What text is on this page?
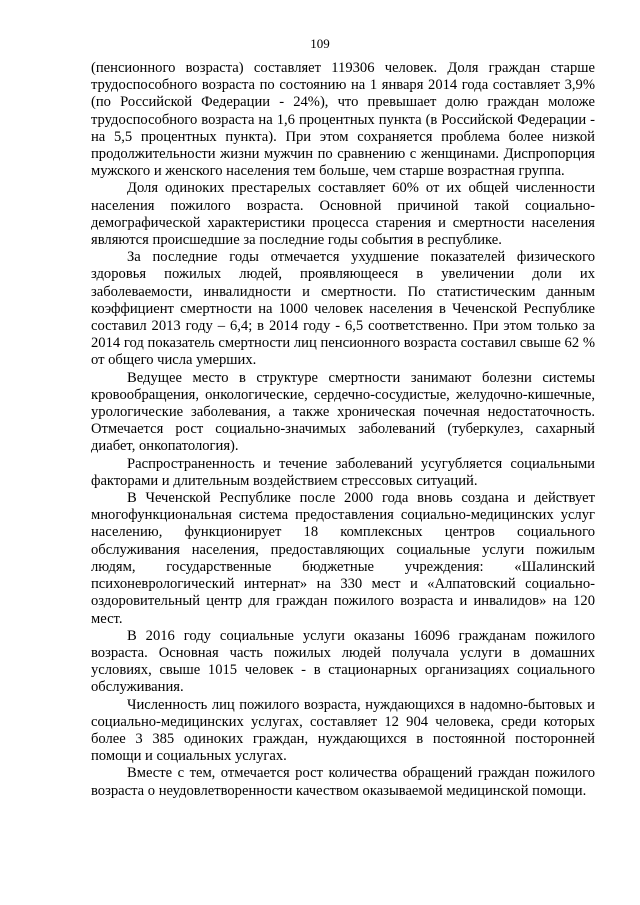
109

(пенсионного возраста) составляет 119306 человек. Доля граждан старше трудоспособного возраста по состоянию на 1 января 2014 года составляет 3,9% (по Российской Федерации - 24%), что превышает долю граждан моложе трудоспособного возраста на 1,6 процентных пункта (в Российской Федерации - на 5,5 процентных пункта). При этом сохраняется проблема более низкой продолжительности жизни мужчин по сравнению с женщинами. Диспропорция мужского и женского населения тем больше, чем старше возрастная группа.

Доля одиноких престарелых составляет 60% от их общей численности населения пожилого возраста. Основной причиной такой социально-демографической характеристики процесса старения и смертности населения являются происшедшие за последние годы события в республике.

За последние годы отмечается ухудшение показателей физического здоровья пожилых людей, проявляющееся в увеличении доли их заболеваемости, инвалидности и смертности. По статистическим данным коэффициент смертности на 1000 человек населения в Чеченской Республике составил 2013 году – 6,4; в 2014 году - 6,5 соответственно. При этом только за 2014 год показатель смертности лиц пенсионного возраста составил свыше 62 % от общего числа умерших.

Ведущее место в структуре смертности занимают болезни системы кровообращения, онкологические, сердечно-сосудистые, желудочно-кишечные, урологические заболевания, а также хроническая почечная недостаточность. Отмечается рост социально-значимых заболеваний (туберкулез, сахарный диабет, онкопатология).

Распространенность и течение заболеваний усугубляется социальными факторами и длительным воздействием стрессовых ситуаций.

В Чеченской Республике после 2000 года вновь создана и действует многофункциональная система предоставления социально-медицинских услуг населению, функционирует 18 комплексных центров социального обслуживания населения, предоставляющих социальные услуги пожилым людям, государственные бюджетные учреждения: «Шалинский психоневрологический интернат» на 330 мест и «Алпатовский социально-оздоровительный центр для граждан пожилого возраста и инвалидов» на 120 мест.

В 2016 году социальные услуги оказаны 16096 гражданам пожилого возраста. Основная часть пожилых людей получала услуги в домашних условиях, свыше 1015 человек - в стационарных организациях социального обслуживания.

Численность лиц пожилого возраста, нуждающихся в надомно-бытовых и социально-медицинских услугах, составляет 12 904 человека, среди которых более 3 385 одиноких граждан, нуждающихся в постоянной посторонней помощи и социальных услугах.

Вместе с тем, отмечается рост количества обращений граждан пожилого возраста о неудовлетворенности качеством оказываемой медицинской помощи.
